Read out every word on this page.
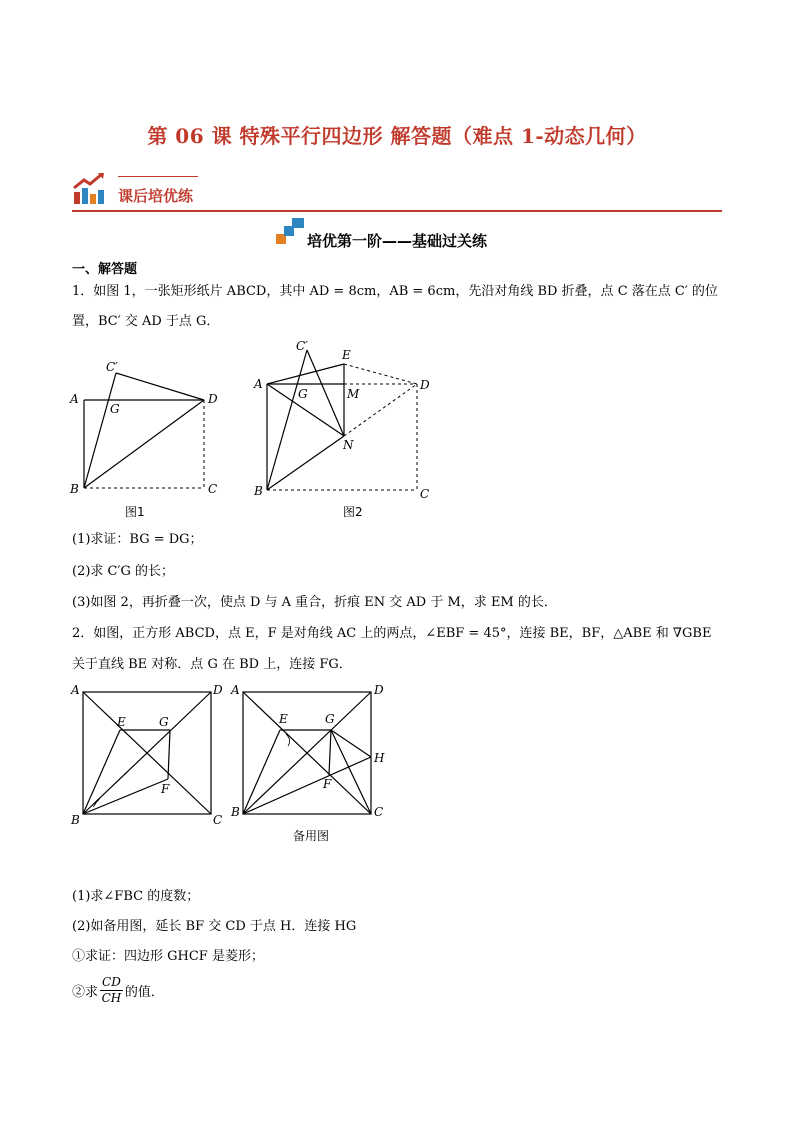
第 06 课 特殊平行四边形 解答题（难点 1-动态几何）
课后培优练
培优第一阶——基础过关练
一、解答题
1．如图 1，一张矩形纸片 ABCD，其中 AD = 8cm，AB = 6cm，先沿对角线 BD 折叠，点 C 落在点 C′ 的位
置，BC′ 交 AD 于点 G．
A
B	C
D
G
C′
图1
A
B	C
D
C′
E
G	M
N
图2
(1)求证：BG = DG；
(2)求 C′G 的长；
(3)如图 2，再折叠一次，使点 D 与 A 重合，折痕 EN 交 AD 于 M，求 EM 的长．
2．如图，正方形 ABCD，点 E，F 是对角线 AC 上的两点，∠EBF = 45°，连接 BE，BF，△ABE 和 ∇GBE
关于直线 BE 对称．点 G 在 BD 上，连接 FG．
A
B	C
D
E	G
F
A
B	C
D
E	G
F
H
备用图
(1)求∠FBC 的度数；
(2)如备用图，延长 BF 交 CD 于点 H．连接 HG
①求证：四边形 GHCF 是菱形；
②求 $\frac{CD}{CH}$ 的值．
